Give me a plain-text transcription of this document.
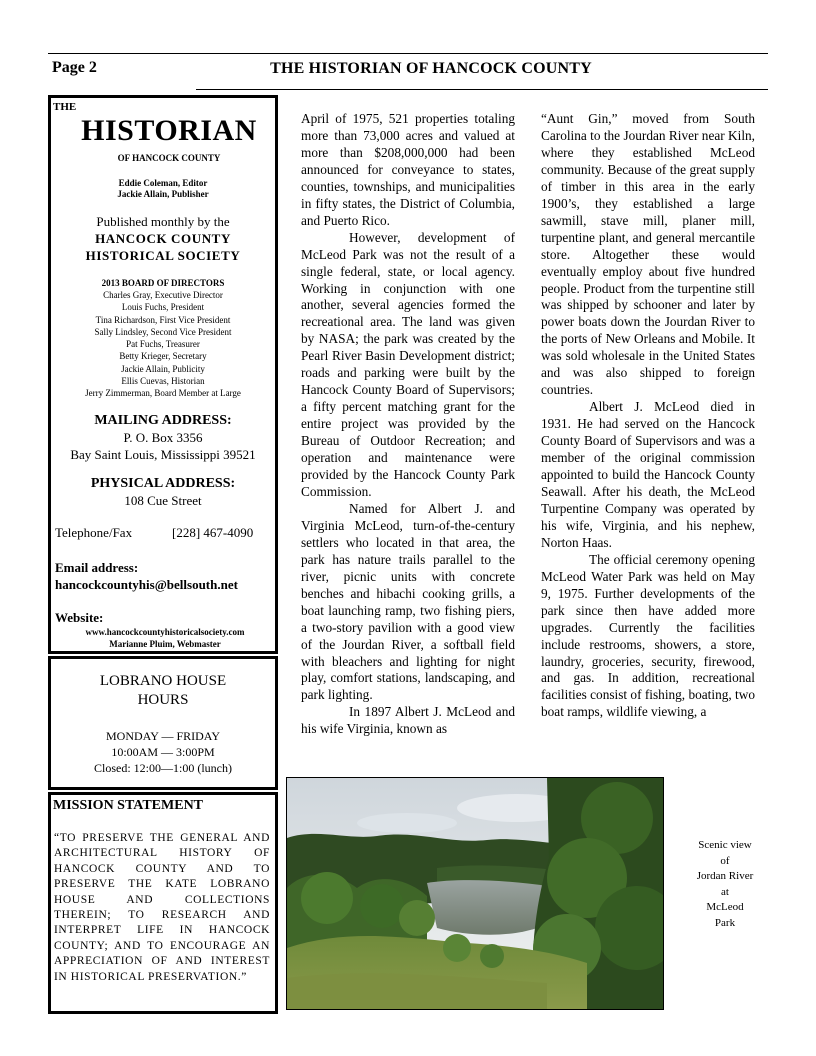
Page 2	THE HISTORIAN OF HANCOCK COUNTY
THE
HISTORIAN
OF HANCOCK COUNTY
Eddie Coleman, Editor
Jackie Allain, Publisher
Published monthly by the
HANCOCK COUNTY
HISTORICAL SOCIETY
2013 BOARD OF DIRECTORS
Charles Gray, Executive Director
Louis Fuchs, President
Tina Richardson, First Vice President
Sally Lindsley, Second Vice President
Pat Fuchs, Treasurer
Betty Krieger, Secretary
Jackie Allain, Publicity
Ellis Cuevas, Historian
Jerry Zimmerman, Board Member at Large
MAILING ADDRESS:
P. O. Box 3356
Bay Saint Louis, Mississippi 39521
PHYSICAL ADDRESS:
108 Cue Street
Telephone/Fax	[228] 467-4090
Email address:
hancockcountyhis@bellsouth.net
Website:
www.hancockcountyhistoricalsociety.com
Marianne Pluim, Webmaster
LOBRANO HOUSE
HOURS
MONDAY — FRIDAY
10:00AM — 3:00PM
Closed: 12:00—1:00 (lunch)
MISSION STATEMENT
“TO PRESERVE THE GENERAL AND ARCHITECTURAL HISTORY OF HANCOCK COUNTY AND TO PRESERVE THE KATE LOBRANO HOUSE AND COLLECTIONS THEREIN; TO RESEARCH AND INTERPRET LIFE IN HANCOCK COUNTY; AND TO ENCOURAGE AN APPRECIATION OF AND INTEREST IN HISTORICAL PRESERVATION.”

April of 1975, 521 properties totaling more than 73,000 acres and valued at more than $208,000,000 had been announced for conveyance to states, counties, townships, and municipalities in fifty states, the District of Columbia, and Puerto Rico.

However, development of McLeod Park was not the result of a single federal, state, or local agency. Working in conjunction with one another, several agencies formed the recreational area. The land was given by NASA; the park was created by the Pearl River Basin Development district; roads and parking were built by the Hancock County Board of Supervisors; a fifty percent matching grant for the entire project was provided by the Bureau of Outdoor Recreation; and operation and maintenance were provided by the Hancock County Park Commission.

Named for Albert J. and Virginia McLeod, turn-of-the-century settlers who located in that area, the park has nature trails parallel to the river, picnic units with concrete benches and hibachi cooking grills, a boat launching ramp, two fishing piers, a two-story pavilion with a good view of the Jourdan River, a softball field with bleachers and lighting for night play, comfort stations, landscaping, and park lighting.

In 1897 Albert J. McLeod and his wife Virginia, known as

“Aunt Gin,” moved from South Carolina to the Jourdan River near Kiln, where they established McLeod community. Because of the great supply of timber in this area in the early 1900’s, they established a large sawmill, stave mill, planer mill, turpentine plant, and general mercantile store. Altogether these would eventually employ about five hundred people. Product from the turpentine still was shipped by schooner and later by power boats down the Jourdan River to the ports of New Orleans and Mobile. It was sold wholesale in the United States and was also shipped to foreign countries.

Albert J. McLeod died in 1931. He had served on the Hancock County Board of Supervisors and was a member of the original commission appointed to build the Hancock County Seawall. After his death, the McLeod Turpentine Company was operated by his wife, Virginia, and his nephew, Norton Haas.

The official ceremony opening McLeod Water Park was held on May 9, 1975. Further developments of the park since then have added more upgrades. Currently the facilities include restrooms, showers, a store, laundry, groceries, security, firewood, and gas. In addition, recreational facilities consist of fishing, boating, two boat ramps, wildlife viewing, a

Scenic view
of
Jordan River
at
McLeod
Park
